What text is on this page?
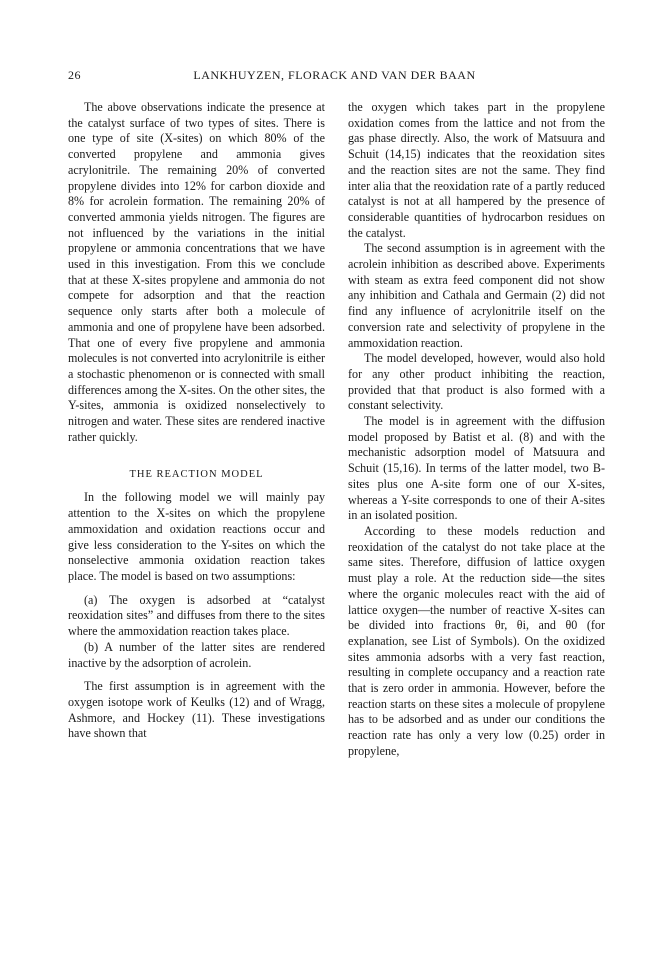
26	LANKHUYZEN, FLORACK AND VAN DER BAAN

The above observations indicate the presence at the catalyst surface of two types of sites. There is one type of site (X-sites) on which 80% of the converted propylene and ammonia gives acrylonitrile. The remaining 20% of converted propylene divides into 12% for carbon dioxide and 8% for acrolein formation. The remaining 20% of converted ammonia yields nitrogen. The figures are not influenced by the variations in the initial propylene or ammonia concentrations that we have used in this investigation. From this we conclude that at these X-sites propylene and ammonia do not compete for adsorption and that the reaction sequence only starts after both a molecule of ammonia and one of propylene have been adsorbed. That one of every five propylene and ammonia molecules is not converted into acrylonitrile is either a stochastic phenomenon or is connected with small differences among the X-sites. On the other sites, the Y-sites, ammonia is oxidized nonselectively to nitrogen and water. These sites are rendered inactive rather quickly.

THE REACTION MODEL

In the following model we will mainly pay attention to the X-sites on which the propylene ammoxidation and oxidation reactions occur and give less consideration to the Y-sites on which the nonselective ammonia oxidation reaction takes place. The model is based on two assumptions:

(a) The oxygen is adsorbed at “catalyst reoxidation sites” and diffuses from there to the sites where the ammoxidation reaction takes place.

(b) A number of the latter sites are rendered inactive by the adsorption of acrolein.

The first assumption is in agreement with the oxygen isotope work of Keulks (12) and of Wragg, Ashmore, and Hockey (11). These investigations have shown that

the oxygen which takes part in the propylene oxidation comes from the lattice and not from the gas phase directly. Also, the work of Matsuura and Schuit (14,15) indicates that the reoxidation sites and the reaction sites are not the same. They find inter alia that the reoxidation rate of a partly reduced catalyst is not at all hampered by the presence of considerable quantities of hydrocarbon residues on the catalyst.

The second assumption is in agreement with the acrolein inhibition as described above. Experiments with steam as extra feed component did not show any inhibition and Cathala and Germain (2) did not find any influence of acrylonitrile itself on the conversion rate and selectivity of propylene in the ammoxidation reaction.

The model developed, however, would also hold for any other product inhibiting the reaction, provided that that product is also formed with a constant selectivity.

The model is in agreement with the diffusion model proposed by Batist et al. (8) and with the mechanistic adsorption model of Matsuura and Schuit (15,16). In terms of the latter model, two B-sites plus one A-site form one of our X-sites, whereas a Y-site corresponds to one of their A-sites in an isolated position.

According to these models reduction and reoxidation of the catalyst do not take place at the same sites. Therefore, diffusion of lattice oxygen must play a role. At the reduction side—the sites where the organic molecules react with the aid of lattice oxygen—the number of reactive X-sites can be divided into fractions θr, θi, and θ0 (for explanation, see List of Symbols). On the oxidized sites ammonia adsorbs with a very fast reaction, resulting in complete occupancy and a reaction rate that is zero order in ammonia. However, before the reaction starts on these sites a molecule of propylene has to be adsorbed and as under our conditions the reaction rate has only a very low (0.25) order in propylene,
